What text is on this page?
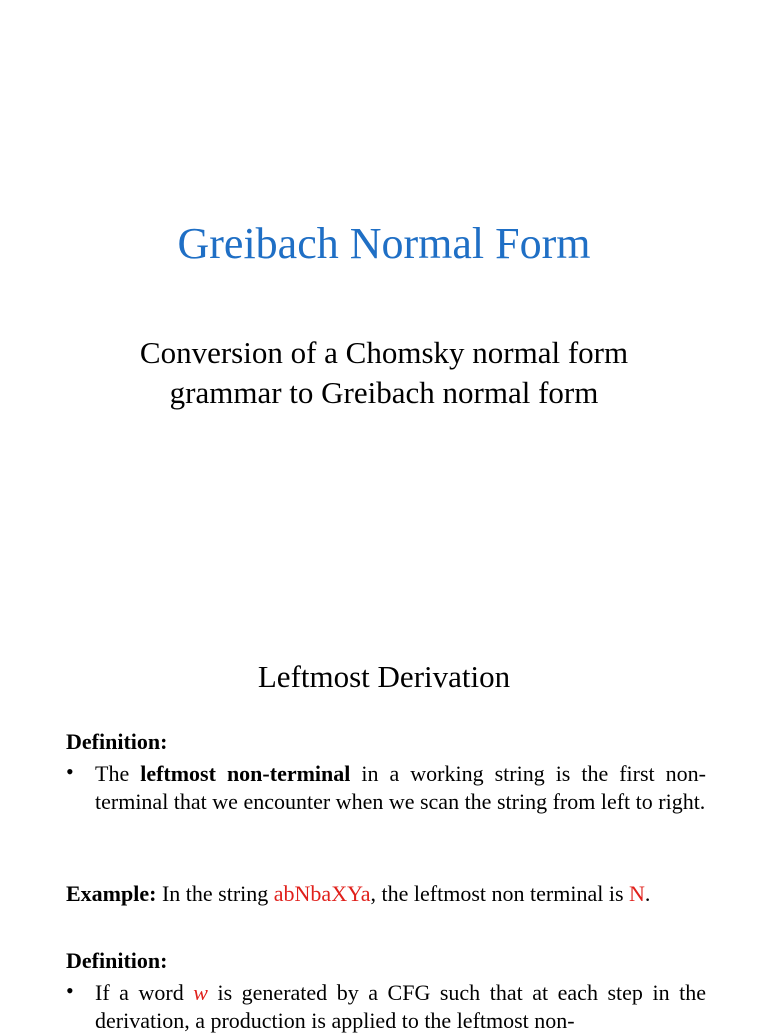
Greibach Normal Form
Conversion of a Chomsky normal form grammar to Greibach normal form
Leftmost Derivation
Definition:
• The leftmost non-terminal in a working string is the first non-terminal that we encounter when we scan the string from left to right.
Example: In the string abNbaXYa, the leftmost non terminal is N.
Definition:
• If a word w is generated by a CFG such that at each step in the derivation, a production is applied to the leftmost non-
